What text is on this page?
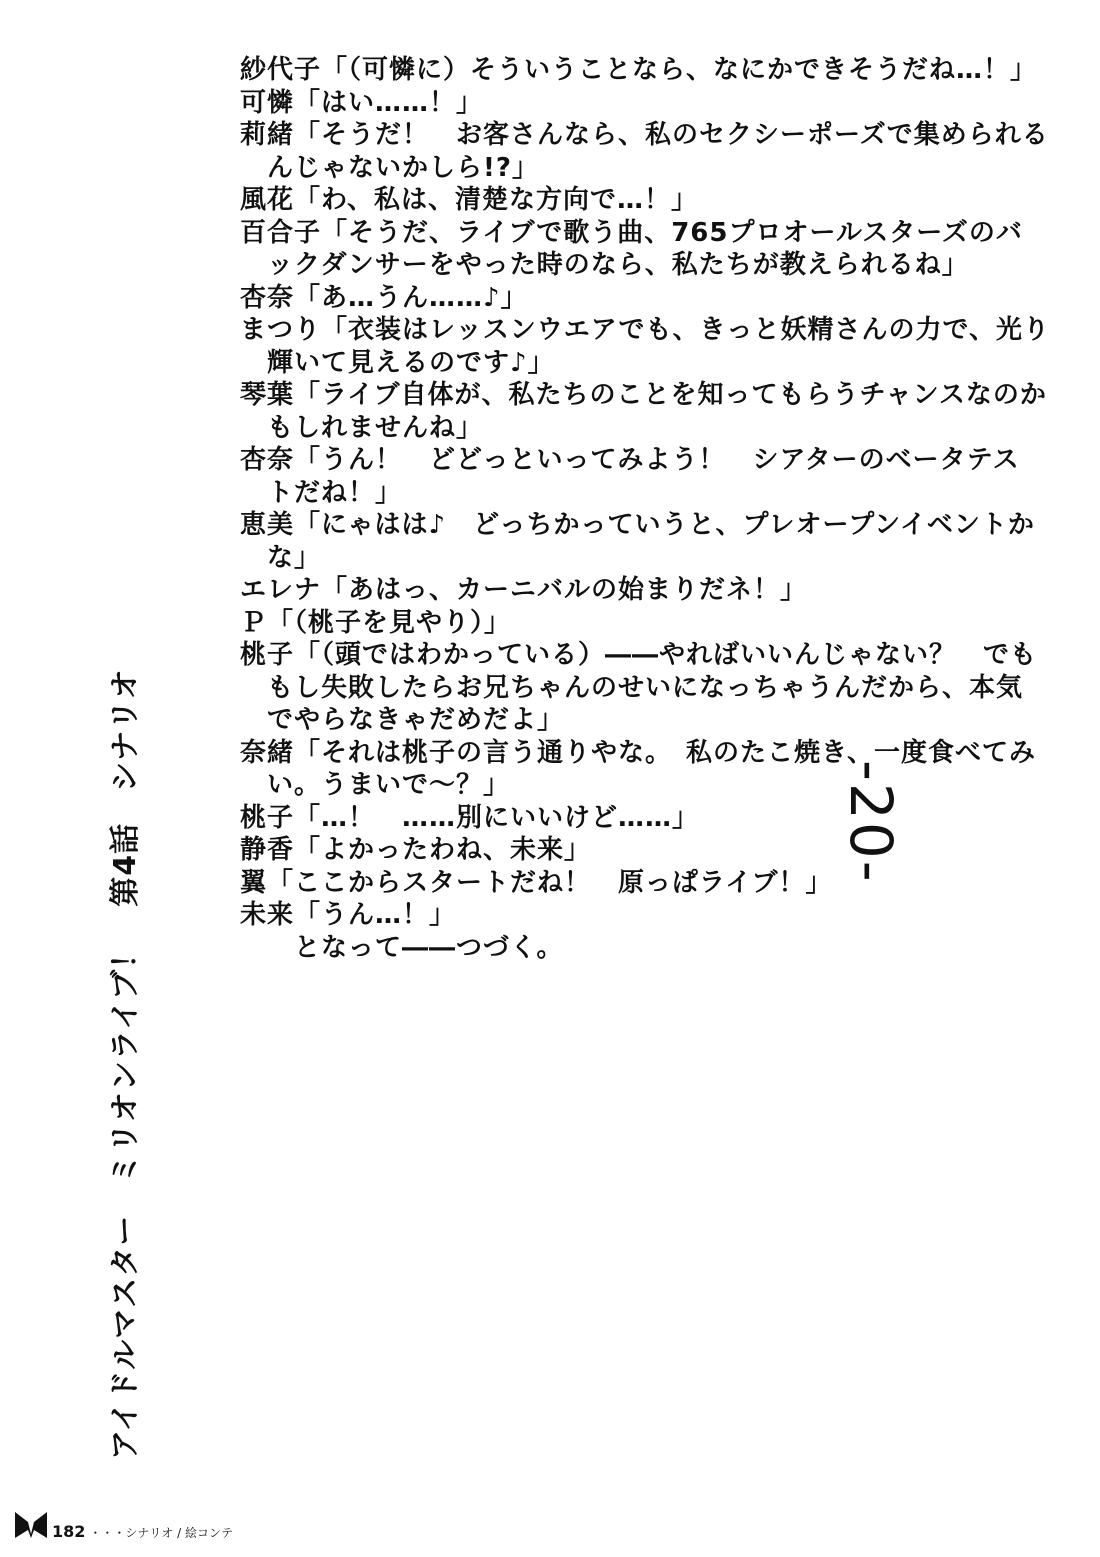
紗代子「（可憐に）そういうことなら、なにかできそうだね…！」
可憐「はい……！」
莉緒「そうだ！　お客さんなら、私のセクシーポーズで集められる
　んじゃないかしら!?」
風花「わ、私は、清楚な方向で…！」
百合子「そうだ、ライブで歌う曲、765プロオールスターズのバ
　ックダンサーをやった時のなら、私たちが教えられるね」
杏奈「あ…うん……♪」
まつり「衣装はレッスンウエアでも、きっと妖精さんの力で、光り
　輝いて見えるのです♪」
琴葉「ライブ自体が、私たちのことを知ってもらうチャンスなのか
　もしれませんね」
杏奈「うん！　どどっといってみよう！　シアターのベータテス
　トだね！」
恵美「にゃはは♪　どっちかっていうと、プレオープンイベントか
　な」
エレナ「あはっ、カーニバルの始まりだネ！」
Ｐ「（桃子を見やり）」
桃子「（頭ではわかっている）――やればいいんじゃない？　でも
　もし失敗したらお兄ちゃんのせいになっちゃうんだから、本気
　でやらなきゃだめだよ」
奈緒「それは桃子の言う通りやな。　私のたこ焼き、一度食べてみ
　い。うまいで～？」
桃子「…！　……別にいいけど……」
静香「よかったわね、未来」
翼「ここからスタートだね！　原っぱライブ！」
未来「うん…！」
　　となって――つづく。
-20-
アイドルマスター　ミリオンライブ！　第4話　シナリオ
182 ・・・シナリオ / 絵コンテ
